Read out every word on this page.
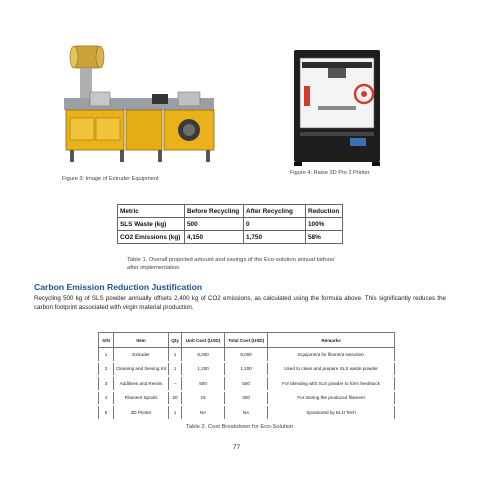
Figure 3: Image of Extruder Equipment
Figure 4: Raise 3D Pro 2 Printer
Metric	Before Recycling	After Recycling	Reduction
SLS Waste (kg)	500	0	100%
CO2 Emissions (kg)	4,150	1,750	58%
Table 1. Overall projected amount and savings of the Eco-solution annual before/
after implementation
Carbon Emission Reduction Justification
Recycling 500 kg of SLS powder annually offsets 2,400 kg of CO2 emissions, as calculated using the formula above. This significantly reduces the carbon footprint associated with virgin material production.
S/N	Item	Qty	Unit Cost (USD)	Total Cost (USD)	Remarks
1	Extruder	1	8,000	8,000	Equipment for filament extrusion
2	Cleaning and Sieving Kit	1	1,200	1,200	Used to clean and prepare SLS waste powder
3	Additives and Resins	--	500	500	For blending with SLS powder to form feedstock
4	Filament Spools	20	15	300	For storing the produced filament
5	3D Printer	1	NA	NA	Sponsored by ELH Tech
Table 2. Cost Breakdown for Eco-Solution
77
